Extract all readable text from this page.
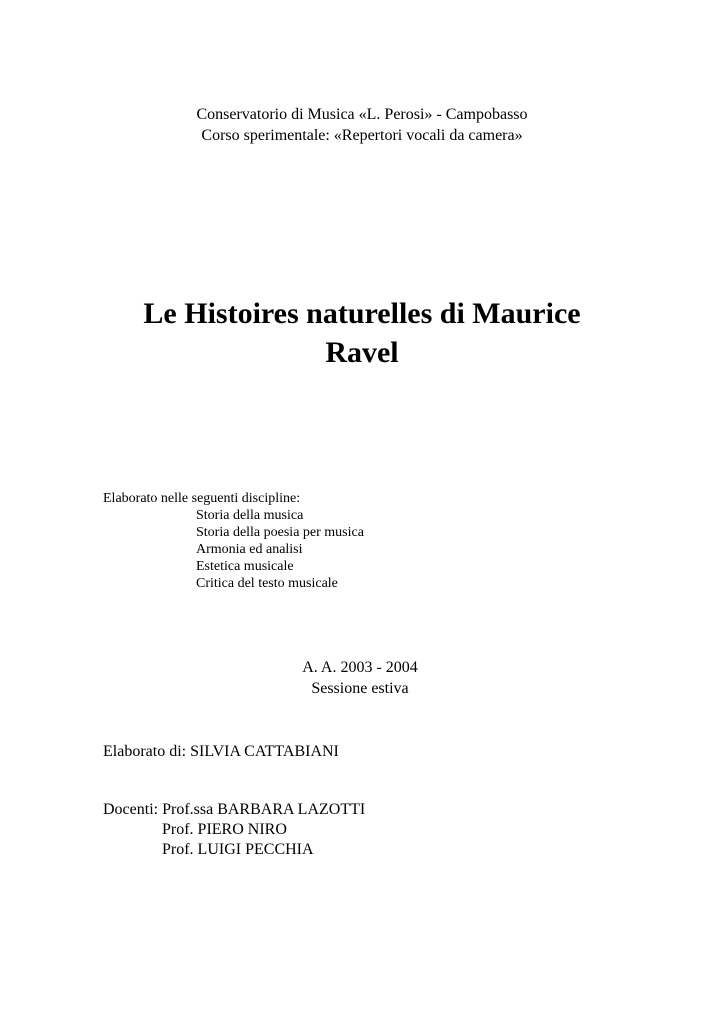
Conservatorio di Musica «L. Perosi» - Campobasso
Corso sperimentale: «Repertori vocali da camera»
Le Histoires naturelles di Maurice
Ravel
Elaborato nelle seguenti discipline:
Storia della musica
Storia della poesia per musica
Armonia ed analisi
Estetica musicale
Critica del testo musicale
A. A. 2003 - 2004
Sessione estiva
Elaborato di: SILVIA CATTABIANI
Docenti: Prof.ssa BARBARA LAZOTTI
Prof. PIERO NIRO
Prof. LUIGI PECCHIA
